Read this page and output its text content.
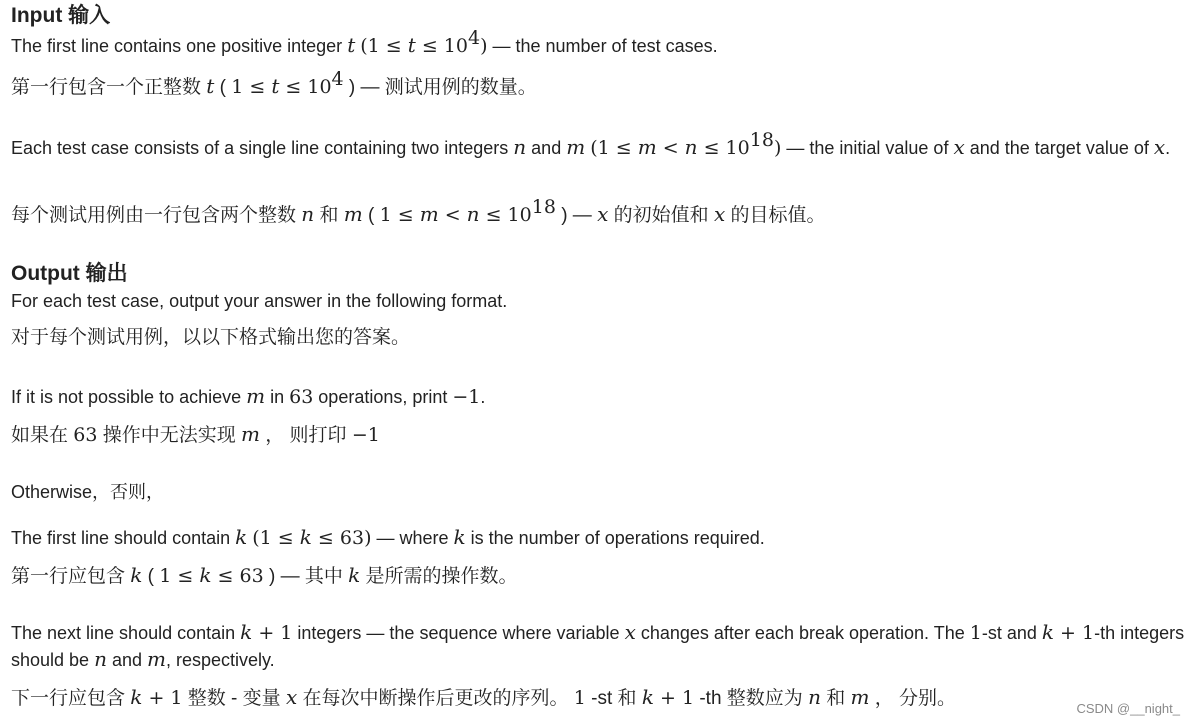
Input 输入

The first line contains one positive integer t $(1 \le t \le 10^4)$ — the number of test cases.

第一行包含一个正整数 t ( $1 \le t \le 10^4$ ) — 测试用例的数量。

Each test case consists of a single line containing two integers n and m $(1 \le m < n \le 10^{18})$ — the initial value of x and the target value of x.

每个测试用例由一行包含两个整数 n 和 m ( $1 \le m < n \le 10^{18}$ ) — x 的初始值和 x 的目标值。

Output 输出

For each test case, output your answer in the following format.

对于每个测试用例，以以下格式输出您的答案。

If it is not possible to achieve m in 63 operations, print −1.

如果在 63 操作中无法实现 m ， 则打印 −1

Otherwise，否则，

The first line should contain k (1 ≤ k ≤ 63) — where k is the number of operations required.

第一行应包含 k ( 1 ≤ k ≤ 63 ) — 其中 k 是所需的操作数。

The next line should contain k + 1 integers — the sequence where variable x changes after each break operation. The 1-st and k + 1-th integers should be n and m, respectively.

下一行应包含 k + 1 整数 - 变量 x 在每次中断操作后更改的序列。 1 -st 和 k + 1 -th 整数应为 n 和 m ， 分别。	CSDN @__night_
